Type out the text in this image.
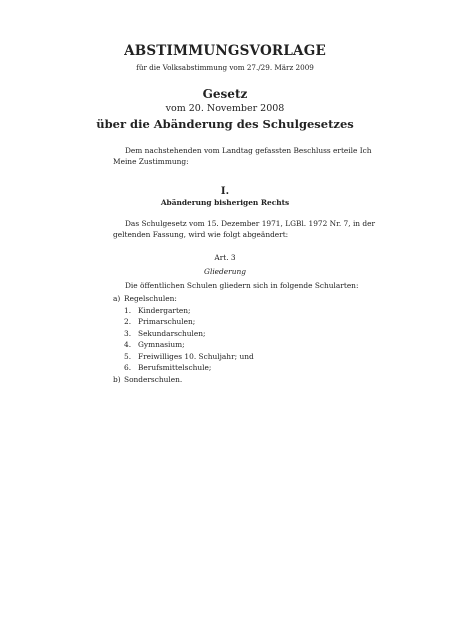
ABSTIMMUNGSVORLAGE
für die Volksabstimmung vom 27./29. März 2009
Gesetz
vom 20. November 2008
über die Abänderung des Schulgesetzes

Dem nachstehenden vom Landtag gefassten Beschluss erteile Ich

Meine Zustimmung:

I.
Abänderung bisherigen Rechts

Das Schulgesetz vom 15. Dezember 1971, LGBl. 1972 Nr. 7, in der

geltenden Fassung, wird wie folgt abgeändert:

Art. 3
Gliederung
Die öffentlichen Schulen gliedern sich in folgende Schularten:
a) Regelschulen:
1. Kindergarten;
2. Primarschulen;
3. Sekundarschulen;
4. Gymnasium;
5. Freiwilliges 10. Schuljahr; und
6. Berufsmittelschule;
b) Sonderschulen.
